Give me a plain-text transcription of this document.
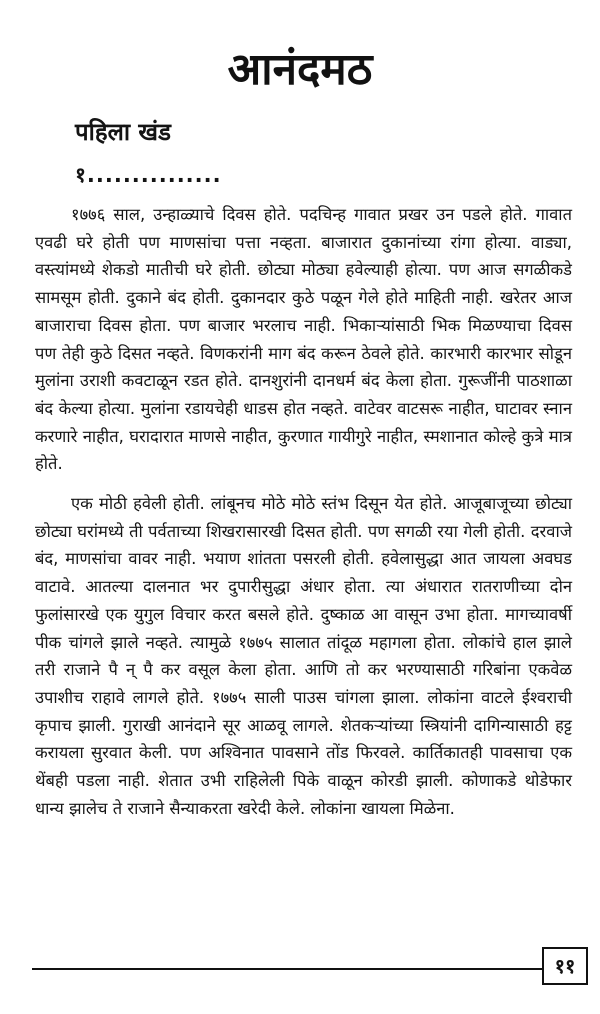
आनंदमठ
पहिला खंड
१...............

१७७६ साल, उन्हाळ्याचे दिवस होते. पदचिन्ह गावात प्रखर उन पडले होते. गावात एवढी घरे होती पण माणसांचा पत्ता नव्हता. बाजारात दुकानांच्या रांगा होत्या. वाड्या, वस्त्यांमध्ये शेकडो मातीची घरे होती. छोट्या मोठ्या हवेल्याही होत्या. पण आज सगळीकडे सामसूम होती. दुकाने बंद होती. दुकानदार कुठे पळून गेले होते माहिती नाही. खरेतर आज बाजाराचा दिवस होता. पण बाजार भरलाच नाही. भिकाऱ्यांसाठी भिक मिळण्याचा दिवस पण तेही कुठे दिसत नव्हते. विणकरांनी माग बंद करून ठेवले होते. कारभारी कारभार सोडून मुलांना उराशी कवटाळून रडत होते. दानशुरांनी दानधर्म बंद केला होता. गुरूजींनी पाठशाळा बंद केल्या होत्या. मुलांना रडायचेही धाडस होत नव्हते. वाटेवर वाटसरू नाहीत, घाटावर स्नान करणारे नाहीत, घरादारात माणसे नाहीत, कुरणात गायीगुरे नाहीत, स्मशानात कोल्हे कुत्रे मात्र होते.

एक मोठी हवेली होती. लांबूनच मोठे मोठे स्तंभ दिसून येत होते. आजूबाजूच्या छोट्या छोट्या घरांमध्ये ती पर्वताच्या शिखरासारखी दिसत होती. पण सगळी रया गेली होती. दरवाजे बंद, माणसांचा वावर नाही. भयाण शांतता पसरली होती. हवेलासुद्धा आत जायला अवघड वाटावे. आतल्या दालनात भर दुपारीसुद्धा अंधार होता. त्या अंधारात रातराणीच्या दोन फुलांसारखे एक युगुल विचार करत बसले होते. दुष्काळ आ वासून उभा होता. मागच्यावर्षी पीक चांगले झाले नव्हते. त्यामुळे १७७५ सालात तांदूळ महागला होता. लोकांचे हाल झाले तरी राजाने पै न् पै कर वसूल केला होता. आणि तो कर भरण्यासाठी गरिबांना एकवेळ उपाशीच राहावे लागले होते. १७७५ साली पाउस चांगला झाला. लोकांना वाटले ईश्वराची कृपाच झाली. गुराखी आनंदाने सूर आळवू लागले. शेतकऱ्यांच्या स्त्रियांनी दागिन्यासाठी हट्ट करायला सुरवात केली. पण अश्विनात पावसाने तोंड फिरवले. कार्तिकातही पावसाचा एक थेंबही पडला नाही. शेतात उभी राहिलेली पिके वाळून कोरडी झाली. कोणाकडे थोडेफार धान्य झालेच ते राजाने सैन्याकरता खरेदी केले. लोकांना खायला मिळेना.

११
